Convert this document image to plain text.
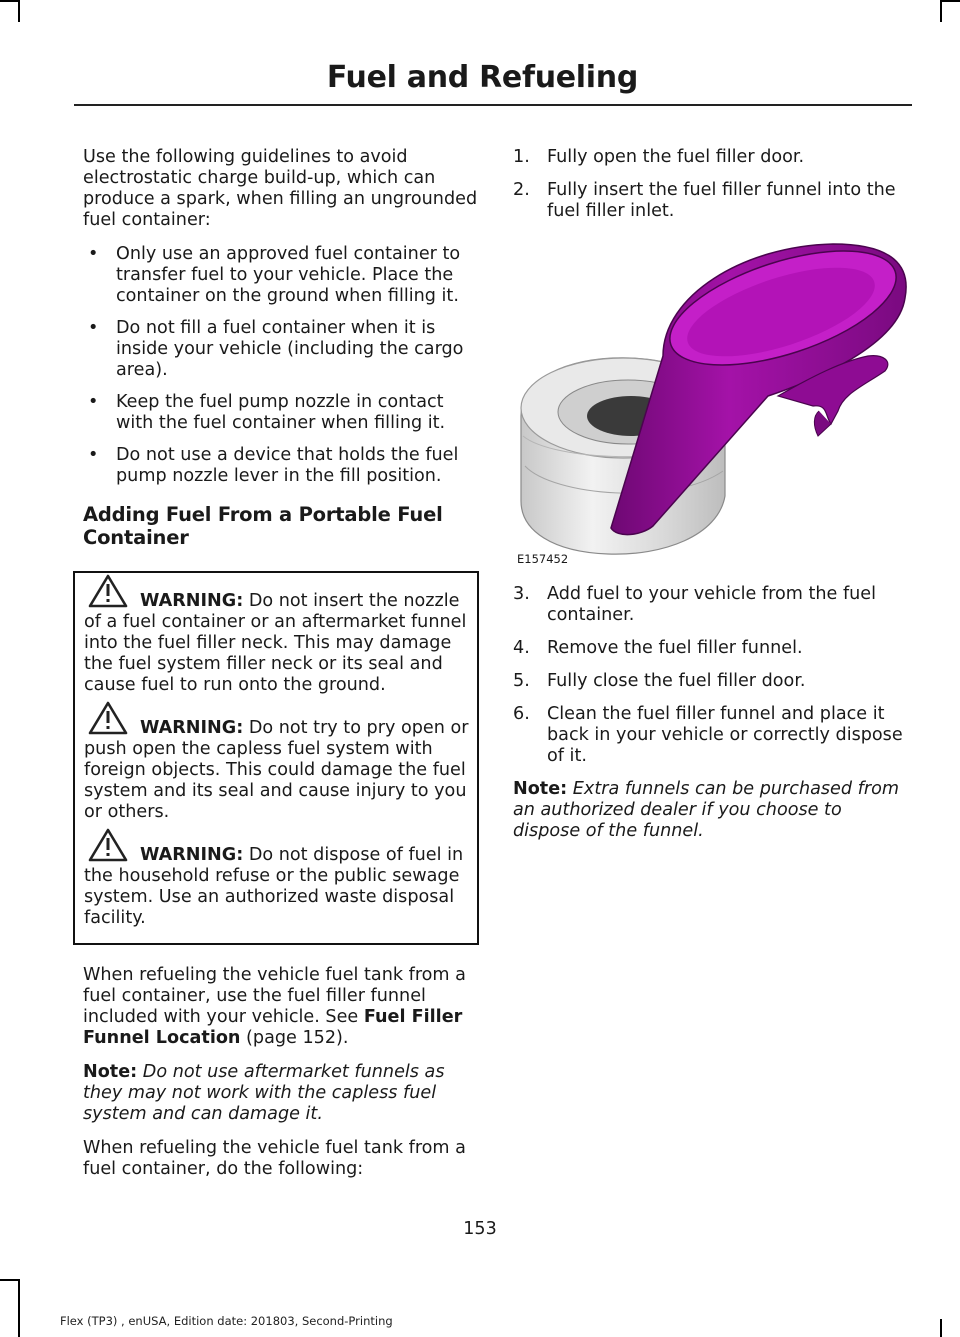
Fuel and Refueling

Use the following guidelines to avoid electrostatic charge build-up, which can produce a spark, when filling an ungrounded fuel container:

• Only use an approved fuel container to transfer fuel to your vehicle. Place the container on the ground when filling it.
• Do not fill a fuel container when it is inside your vehicle (including the cargo area).
• Keep the fuel pump nozzle in contact with the fuel container when filling it.
• Do not use a device that holds the fuel pump nozzle lever in the fill position.
Adding Fuel From a Portable Fuel Container

WARNING: Do not insert the nozzle of a fuel container or an aftermarket funnel into the fuel filler neck. This may damage the fuel system filler neck or its seal and cause fuel to run onto the ground.

WARNING: Do not try to pry open or push open the capless fuel system with foreign objects. This could damage the fuel system and its seal and cause injury to you or others.

WARNING: Do not dispose of fuel in the household refuse or the public sewage system. Use an authorized waste disposal facility.

When refueling the vehicle fuel tank from a fuel container, use the fuel filler funnel included with your vehicle. See Fuel Filler Funnel Location (page 152).

Note: Do not use aftermarket funnels as they may not work with the capless fuel system and can damage it.

When refueling the vehicle fuel tank from a fuel container, do the following:

1. Fully open the fuel filler door.
2. Fully insert the fuel filler funnel into the fuel filler inlet.
E157452
3. Add fuel to your vehicle from the fuel container.
4. Remove the fuel filler funnel.
5. Fully close the fuel filler door.
6. Clean the fuel filler funnel and place it back in your vehicle or correctly dispose of it.

Note: Extra funnels can be purchased from an authorized dealer if you choose to dispose of the funnel.

153
Flex (TP3) , enUSA, Edition date: 201803, Second-Printing
